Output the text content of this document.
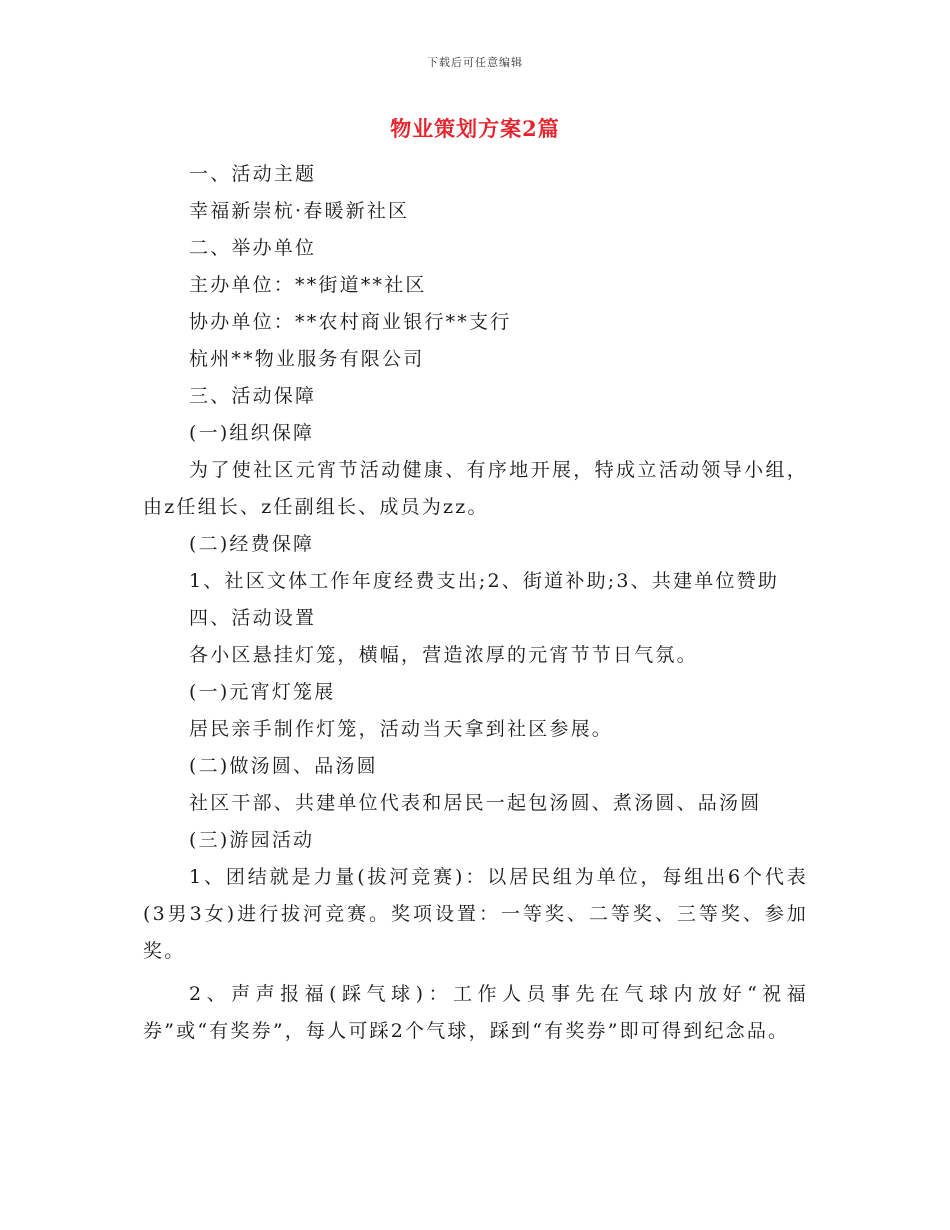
下载后可任意编辑
物业策划方案2篇

一、活动主题

幸福新崇杭·春暖新社区

二、举办单位

主办单位：**街道**社区

协办单位：**农村商业银行**支行

杭州**物业服务有限公司

三、活动保障

(一)组织保障

为了使社区元宵节活动健康、有序地开展，特成立活动领导小组，由z任组长、z任副组长、成员为zz。

(二)经费保障

1、社区文体工作年度经费支出;2、街道补助;3、共建单位赞助

四、活动设置

各小区悬挂灯笼，横幅，营造浓厚的元宵节节日气氛。

(一)元宵灯笼展

居民亲手制作灯笼，活动当天拿到社区参展。

(二)做汤圆、品汤圆

社区干部、共建单位代表和居民一起包汤圆、煮汤圆、品汤圆

(三)游园活动

1、团结就是力量(拔河竞赛)：以居民组为单位，每组出6个代表(3男3女)进行拔河竞赛。奖项设置：一等奖、二等奖、三等奖、参加奖。

2、声声报福(踩气球)：工作人员事先在气球内放好“祝福券”或“有奖券”，每人可踩2个气球，踩到“有奖券”即可得到纪念品。
